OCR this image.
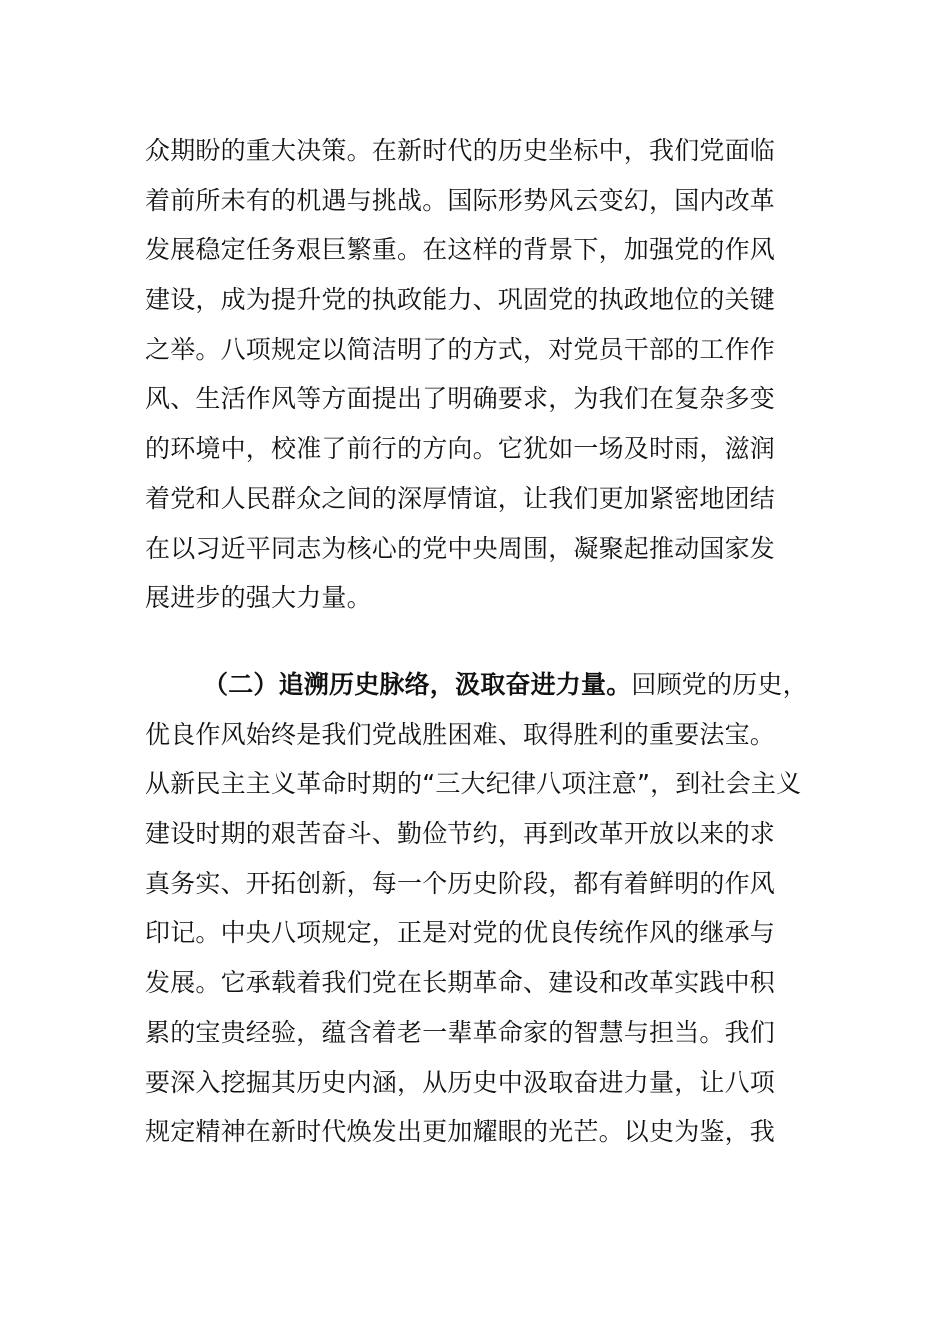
众期盼的重大决策。在新时代的历史坐标中，我们党面临
着前所未有的机遇与挑战。国际形势风云变幻，国内改革
发展稳定任务艰巨繁重。在这样的背景下，加强党的作风
建设，成为提升党的执政能力、巩固党的执政地位的关键
之举。八项规定以简洁明了的方式，对党员干部的工作作
风、生活作风等方面提出了明确要求，为我们在复杂多变
的环境中，校准了前行的方向。它犹如一场及时雨，滋润
着党和人民群众之间的深厚情谊，让我们更加紧密地团结
在以习近平同志为核心的党中央周围，凝聚起推动国家发
展进步的强大力量。
（二）追溯历史脉络，汲取奋进力量。回顾党的历史，
优良作风始终是我们党战胜困难、取得胜利的重要法宝。
从新民主主义革命时期的“三大纪律八项注意”，到社会主义
建设时期的艰苦奋斗、勤俭节约，再到改革开放以来的求
真务实、开拓创新，每一个历史阶段，都有着鲜明的作风
印记。中央八项规定，正是对党的优良传统作风的继承与
发展。它承载着我们党在长期革命、建设和改革实践中积
累的宝贵经验，蕴含着老一辈革命家的智慧与担当。我们
要深入挖掘其历史内涵，从历史中汲取奋进力量，让八项
规定精神在新时代焕发出更加耀眼的光芒。以史为鉴，我
